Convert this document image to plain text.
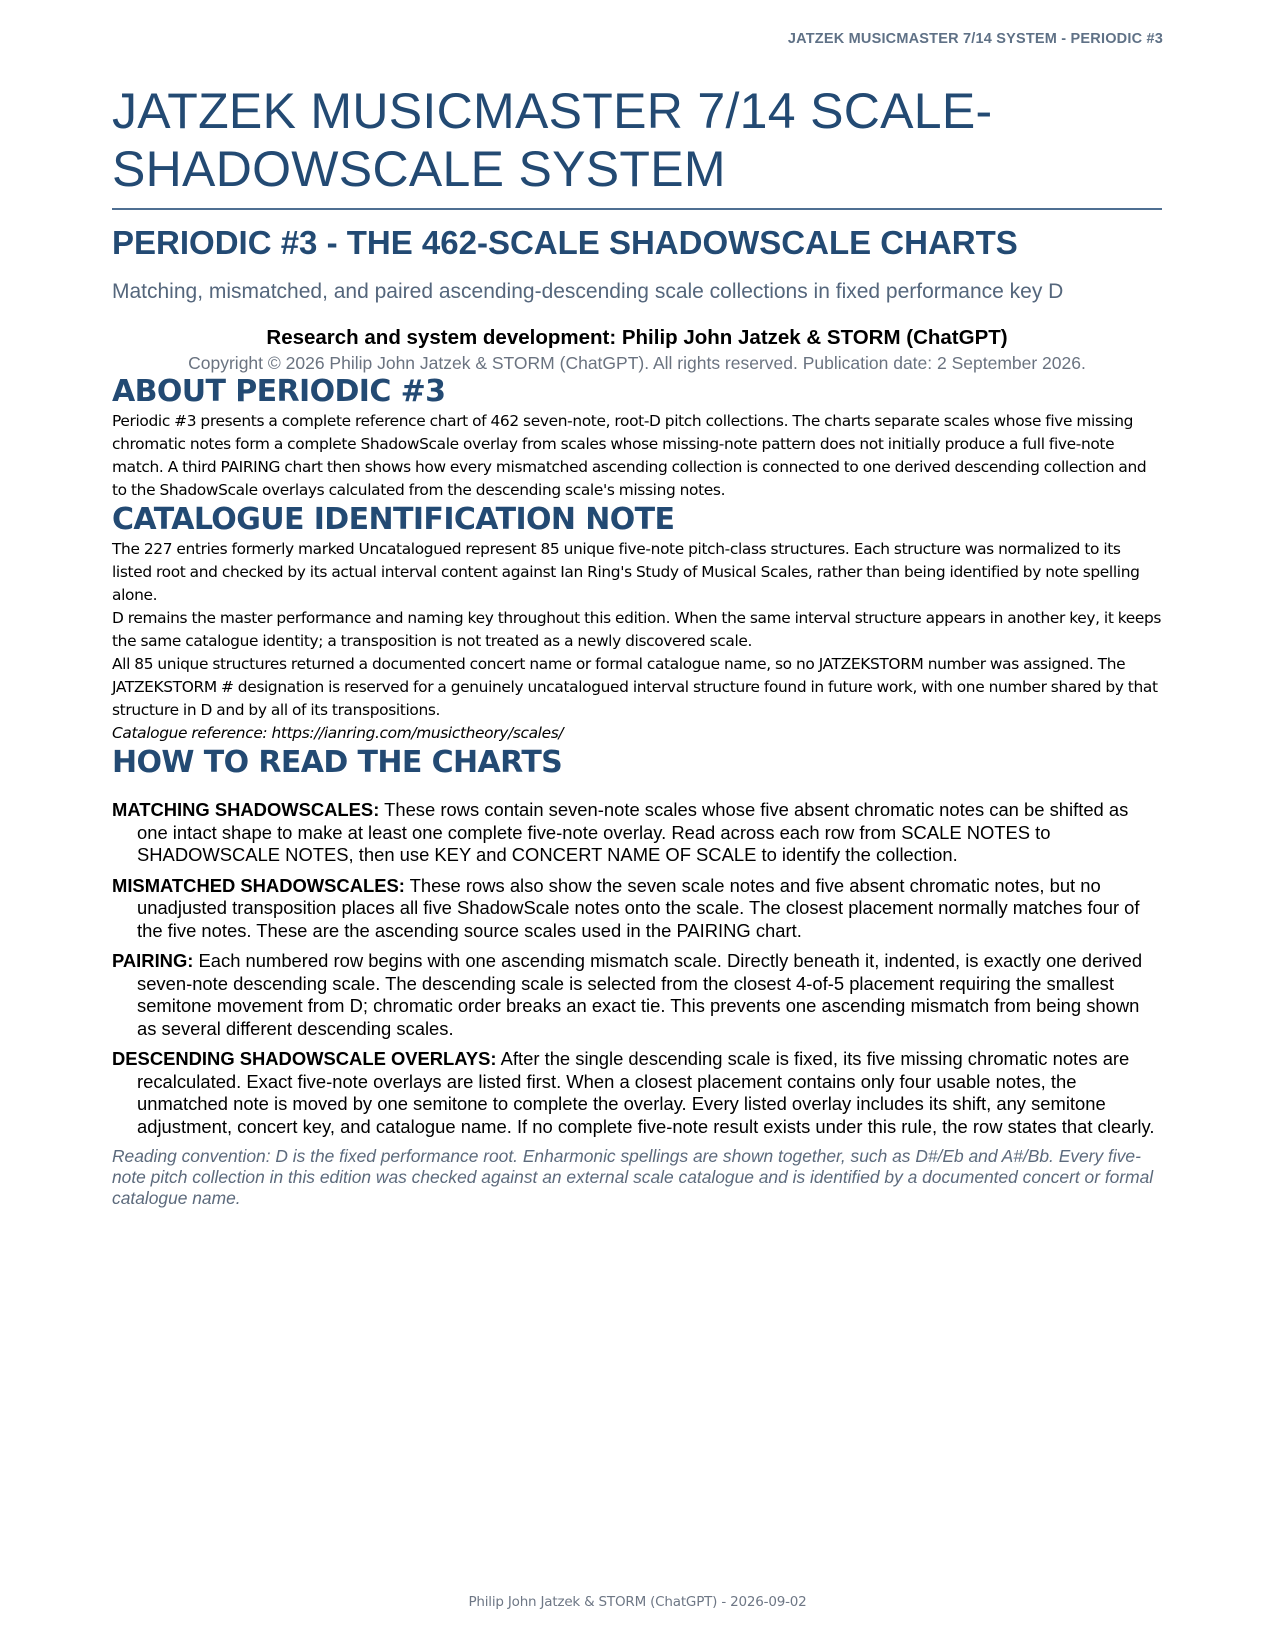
JATZEK MUSICMASTER 7/14 SYSTEM - PERIODIC #3
JATZEK MUSICMASTER 7/14 SCALE-SHADOWSCALE SYSTEM
PERIODIC #3 - THE 462-SCALE SHADOWSCALE CHARTS

Matching, mismatched, and paired ascending-descending scale collections in fixed performance key D

Research and system development: Philip John Jatzek & STORM (ChatGPT)

Copyright © 2026 Philip John Jatzek & STORM (ChatGPT). All rights reserved. Publication date: 2 September 2026.

ABOUT PERIODIC #3

Periodic #3 presents a complete reference chart of 462 seven-note, root-D pitch collections. The charts separate scales whose five missing chromatic notes form a complete ShadowScale overlay from scales whose missing-note pattern does not initially produce a full five-note match. A third PAIRING chart then shows how every mismatched ascending collection is connected to one derived descending collection and to the ShadowScale overlays calculated from the descending scale's missing notes.

CATALOGUE IDENTIFICATION NOTE

The 227 entries formerly marked Uncatalogued represent 85 unique five-note pitch-class structures. Each structure was normalized to its listed root and checked by its actual interval content against Ian Ring's Study of Musical Scales, rather than being identified by note spelling alone.

D remains the master performance and naming key throughout this edition. When the same interval structure appears in another key, it keeps the same catalogue identity; a transposition is not treated as a newly discovered scale.

All 85 unique structures returned a documented concert name or formal catalogue name, so no JATZEKSTORM number was assigned. The JATZEKSTORM # designation is reserved for a genuinely uncatalogued interval structure found in future work, with one number shared by that structure in D and by all of its transpositions.

Catalogue reference: https://ianring.com/musictheory/scales/

HOW TO READ THE CHARTS

MATCHING SHADOWSCALES: These rows contain seven-note scales whose five absent chromatic notes can be shifted as one intact shape to make at least one complete five-note overlay. Read across each row from SCALE NOTES to SHADOWSCALE NOTES, then use KEY and CONCERT NAME OF SCALE to identify the collection.

MISMATCHED SHADOWSCALES: These rows also show the seven scale notes and five absent chromatic notes, but no unadjusted transposition places all five ShadowScale notes onto the scale. The closest placement normally matches four of the five notes. These are the ascending source scales used in the PAIRING chart.

PAIRING: Each numbered row begins with one ascending mismatch scale. Directly beneath it, indented, is exactly one derived seven-note descending scale. The descending scale is selected from the closest 4-of-5 placement requiring the smallest semitone movement from D; chromatic order breaks an exact tie. This prevents one ascending mismatch from being shown as several different descending scales.

DESCENDING SHADOWSCALE OVERLAYS: After the single descending scale is fixed, its five missing chromatic notes are recalculated. Exact five-note overlays are listed first. When a closest placement contains only four usable notes, the unmatched note is moved by one semitone to complete the overlay. Every listed overlay includes its shift, any semitone adjustment, concert key, and catalogue name. If no complete five-note result exists under this rule, the row states that clearly.

Reading convention: D is the fixed performance root. Enharmonic spellings are shown together, such as D#/Eb and A#/Bb. Every five-note pitch collection in this edition was checked against an external scale catalogue and is identified by a documented concert or formal catalogue name.

Philip John Jatzek & STORM (ChatGPT) - 2026-09-02
